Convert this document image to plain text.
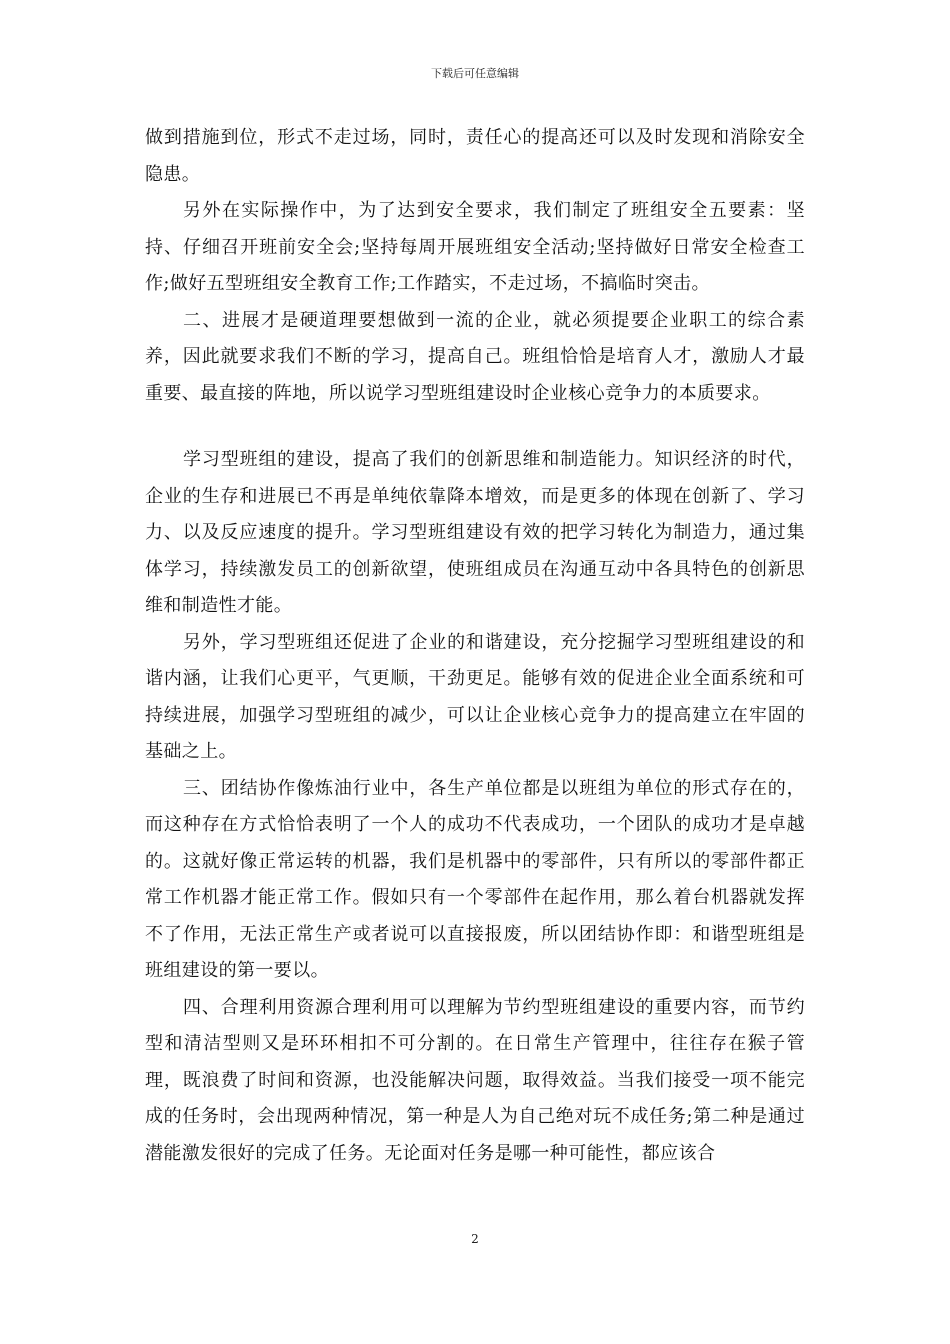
下载后可任意编辑

做到措施到位，形式不走过场，同时，责任心的提高还可以及时发现和消除安全隐患。

另外在实际操作中，为了达到安全要求，我们制定了班组安全五要素：坚持、仔细召开班前安全会;坚持每周开展班组安全活动;坚持做好日常安全检查工作;做好五型班组安全教育工作;工作踏实，不走过场，不搞临时突击。

二、进展才是硬道理要想做到一流的企业，就必须提要企业职工的综合素养，因此就要求我们不断的学习，提高自己。班组恰恰是培育人才，激励人才最重要、最直接的阵地，所以说学习型班组建设时企业核心竞争力的本质要求。

学习型班组的建设，提高了我们的创新思维和制造能力。知识经济的时代，企业的生存和进展已不再是单纯依靠降本增效，而是更多的体现在创新了、学习力、以及反应速度的提升。学习型班组建设有效的把学习转化为制造力，通过集体学习，持续激发员工的创新欲望，使班组成员在沟通互动中各具特色的创新思维和制造性才能。

另外，学习型班组还促进了企业的和谐建设，充分挖掘学习型班组建设的和谐内涵，让我们心更平，气更顺，干劲更足。能够有效的促进企业全面系统和可持续进展，加强学习型班组的减少，可以让企业核心竞争力的提高建立在牢固的基础之上。

三、团结协作像炼油行业中，各生产单位都是以班组为单位的形式存在的，而这种存在方式恰恰表明了一个人的成功不代表成功，一个团队的成功才是卓越的。这就好像正常运转的机器，我们是机器中的零部件，只有所以的零部件都正常工作机器才能正常工作。假如只有一个零部件在起作用，那么着台机器就发挥不了作用，无法正常生产或者说可以直接报废，所以团结协作即：和谐型班组是班组建设的第一要以。

四、合理利用资源合理利用可以理解为节约型班组建设的重要内容，而节约型和清洁型则又是环环相扣不可分割的。在日常生产管理中，往往存在猴子管理，既浪费了时间和资源，也没能解决问题，取得效益。当我们接受一项不能完成的任务时，会出现两种情况，第一种是人为自己绝对玩不成任务;第二种是通过潜能激发很好的完成了任务。无论面对任务是哪一种可能性，都应该合

2
